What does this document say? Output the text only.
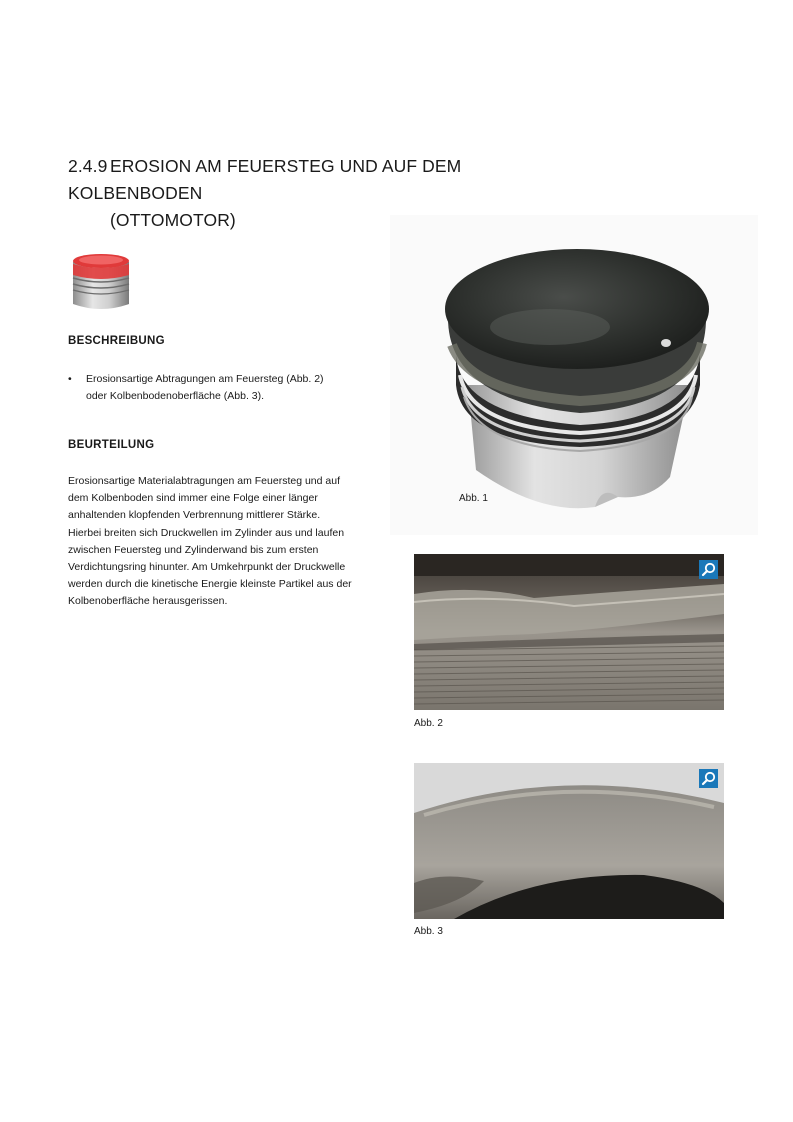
2.4.9 EROSION AM FEUERSTEG UND AUF DEM KOLBENBODEN
(OTTOMOTOR)
BESCHREIBUNG
• Erosionsartige Abtragungen am Feuersteg (Abb. 2)
oder Kolbenbodenoberfläche (Abb. 3).
BEURTEILUNG

Erosionsartige Materialabtragungen am Feuersteg und auf
dem Kolbenboden sind immer eine Folge einer länger
anhaltenden klopfenden Verbrennung mittlerer Stärke.
Hierbei breiten sich Druckwellen im Zylinder aus und laufen
zwischen Feuersteg und Zylinderwand bis zum ersten
Verdichtungsring hinunter. Am Umkehrpunkt der Druckwelle
werden durch die kinetische Energie kleinste Partikel aus der
Kolbenoberfläche herausgerissen.

Abb. 1
Abb. 2
Abb. 3
